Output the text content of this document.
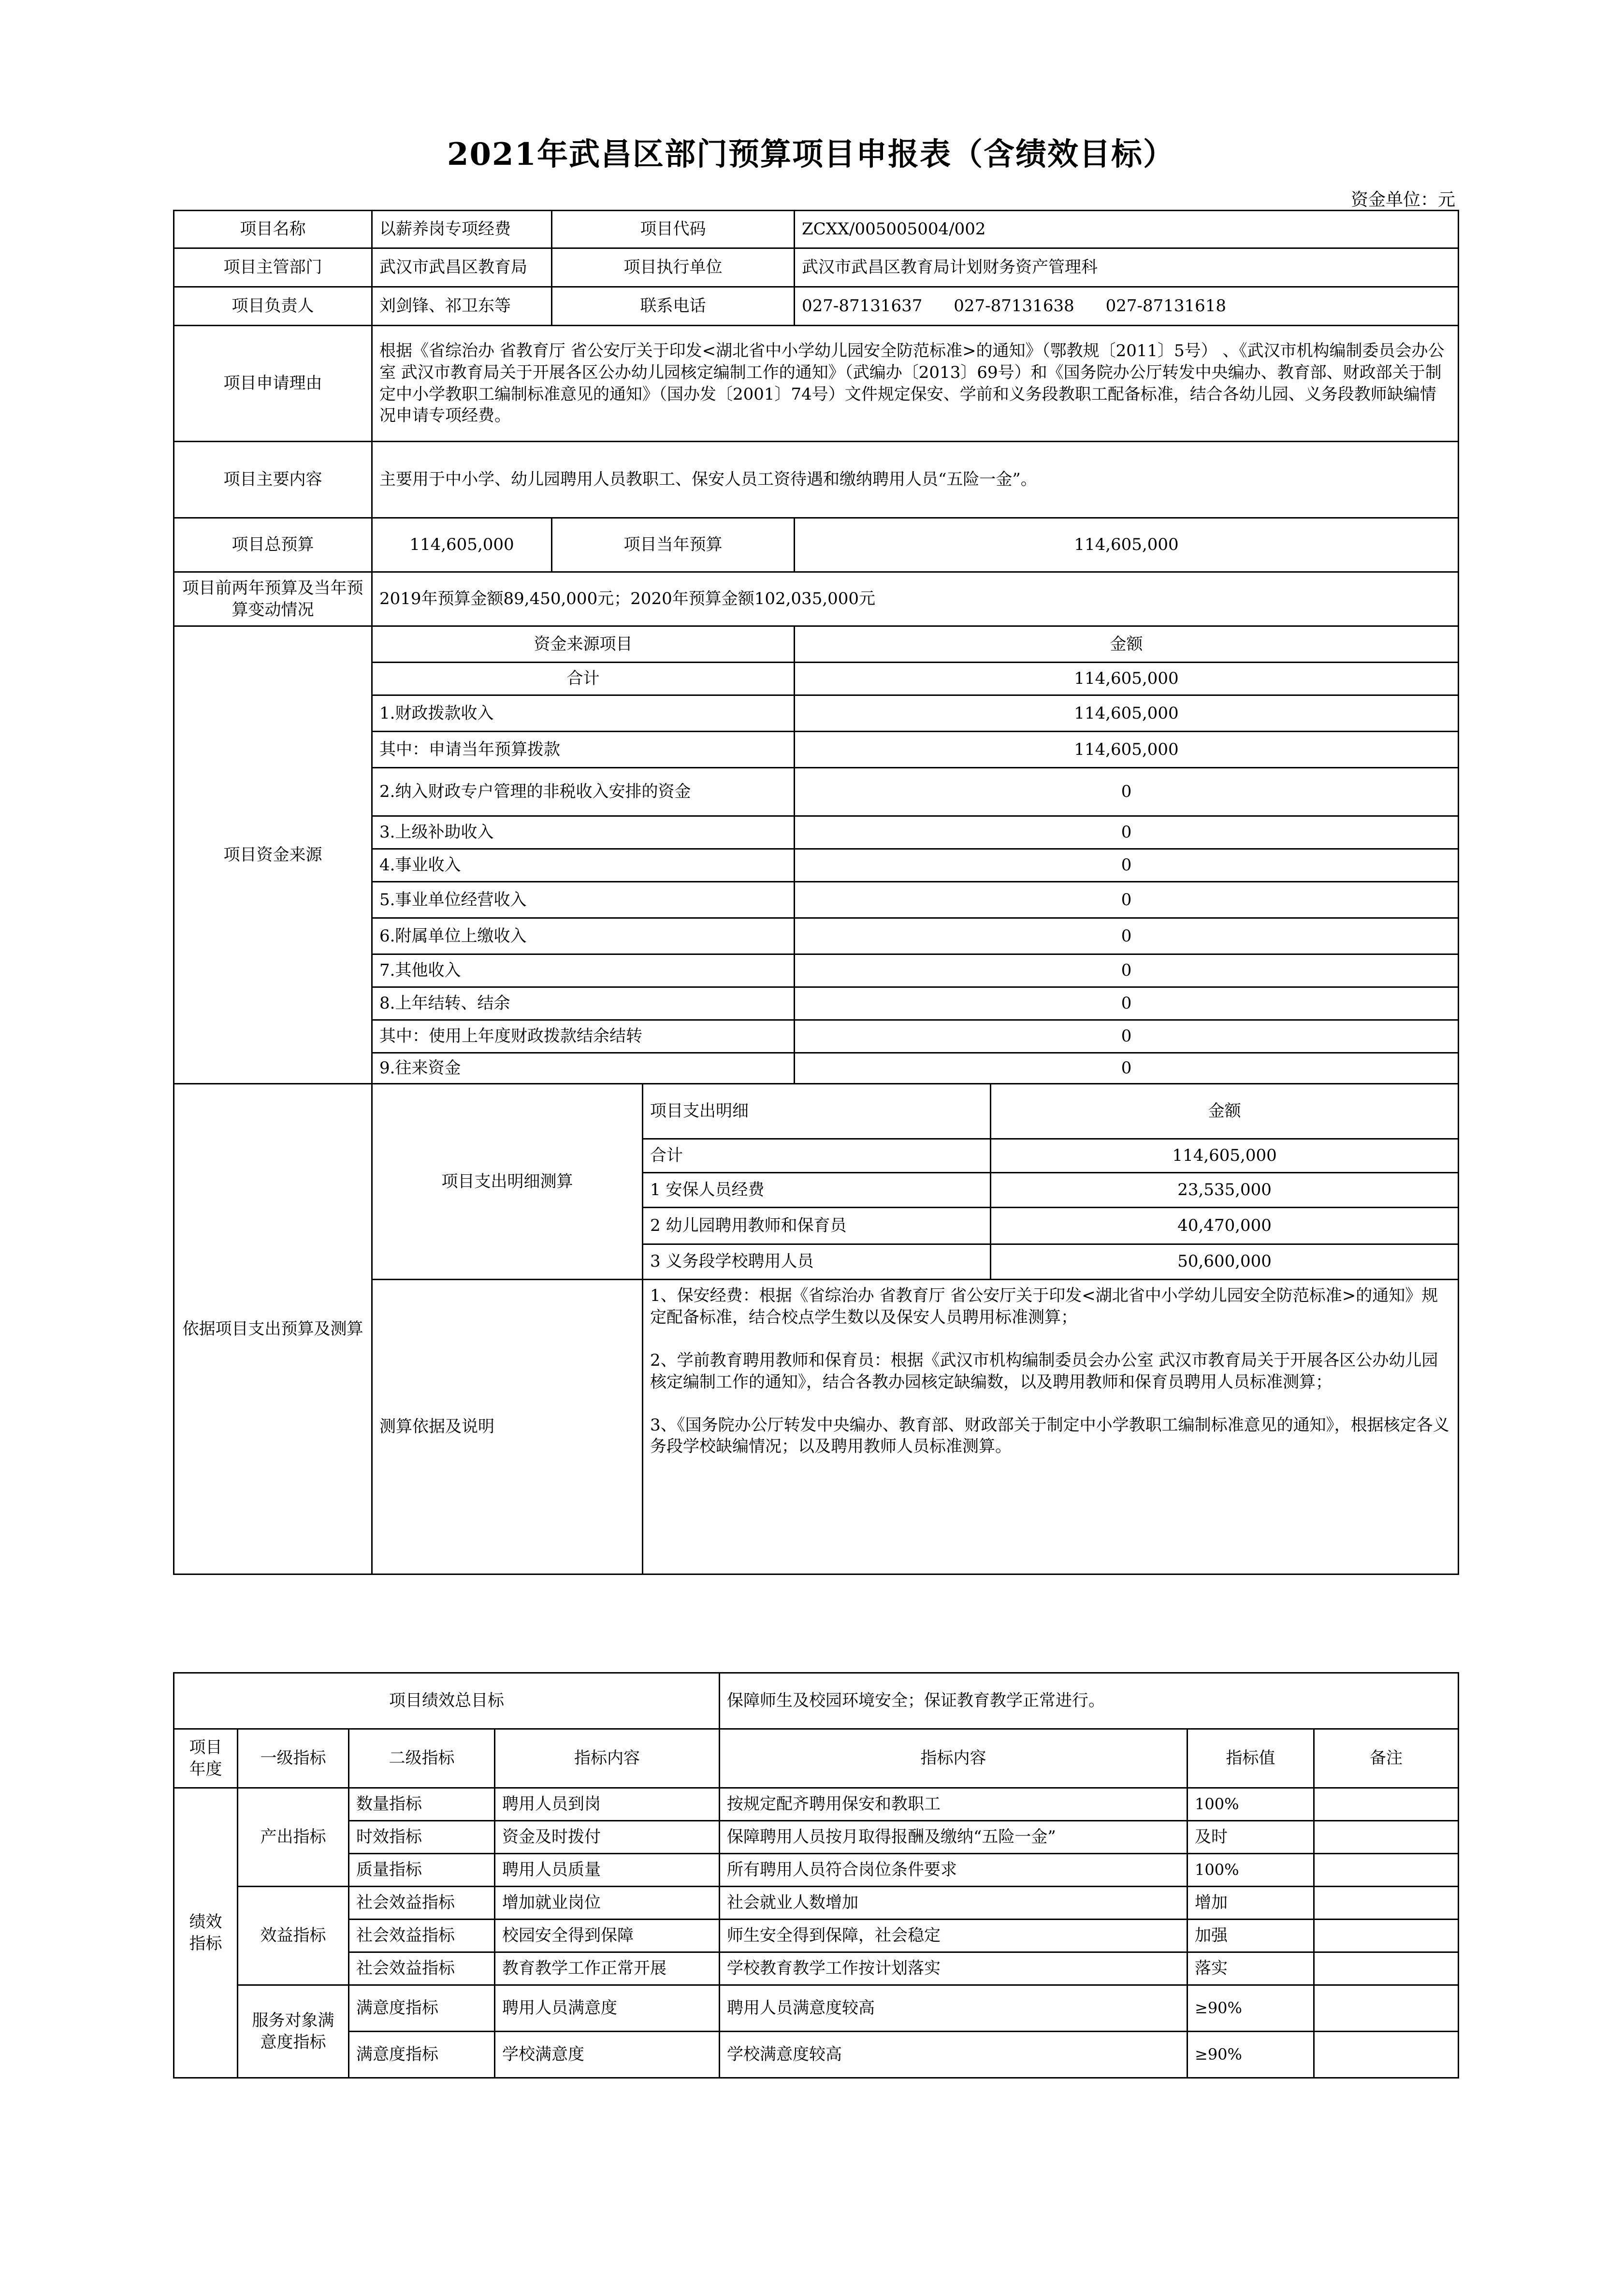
2021年武昌区部门预算项目申报表（含绩效目标）
资金单位：元
项目名称	以薪养岗专项经费	项目代码	ZCXX/005005004/002
项目主管部门	武汉市武昌区教育局	项目执行单位	武汉市武昌区教育局计划财务资产管理科
项目负责人	刘剑锋、祁卫东等	联系电话	027-87131637      027-87131638      027-87131618
项目申请理由	根据《省综治办 省教育厅 省公安厅关于印发<湖北省中小学幼儿园安全防范标准>的通知》（鄂教规〔2011〕5号） 、《武汉市机构编制委员会办公室 武汉市教育局关于开展各区公办幼儿园核定编制工作的通知》（武编办〔2013〕69号）和《国务院办公厅转发中央编办、教育部、财政部关于制定中小学教职工编制标准意见的通知》（国办发〔2001〕74号）文件规定保安、学前和义务段教职工配备标准，结合各幼儿园、义务段教师缺编情况申请专项经费。
项目主要内容	主要用于中小学、幼儿园聘用人员教职工、保安人员工资待遇和缴纳聘用人员“五险一金”。
项目总预算	114,605,000	项目当年预算	114,605,000
项目前两年预算及当年预算变动情况	2019年预算金额89,450,000元；2020年预算金额102,035,000元
项目资金来源	资金来源项目	金额
合计	114,605,000
1.财政拨款收入	114,605,000
其中：申请当年预算拨款	114,605,000
2.纳入财政专户管理的非税收入安排的资金	0
3.上级补助收入	0
4.事业收入	0
5.事业单位经营收入	0
6.附属单位上缴收入	0
7.其他收入	0
8.上年结转、结余	0
其中：使用上年度财政拨款结余结转	0
9.往来资金	0
依据项目支出预算及测算	项目支出明细测算	
项目支出明细	金额
合计	114,605,000
1 安保人员经费	23,535,000
2 幼儿园聘用教师和保育员	40,470,000
3 义务段学校聘用人员	50,600,000

测算依据及说明	
1、保安经费：根据《省综治办 省教育厅 省公安厅关于印发<湖北省中小学幼儿园安全防范标准>的通知》规定配备标准，结合校点学生数以及保安人员聘用标准测算；
2、学前教育聘用教师和保育员：根据《武汉市机构编制委员会办公室 武汉市教育局关于开展各区公办幼儿园核定编制工作的通知》，结合各教办园核定缺编数，以及聘用教师和保育员聘用人员标准测算；
3、《国务院办公厅转发中央编办、教育部、财政部关于制定中小学教职工编制标准意见的通知》，根据核定各义务段学校缺编情况；以及聘用教师人员标准测算。
项目绩效总目标				保障师生及校园环境安全；保证教育教学正常进行。		
项目年度	一级指标	二级指标	指标内容	指标内容	指标值	备注
绩效指标	产出指标	数量指标	聘用人员到岗	按规定配齐聘用保安和教职工	100%	
		时效指标	资金及时拨付	保障聘用人员按月取得报酬及缴纳“五险一金”	及时	
		质量指标	聘用人员质量	所有聘用人员符合岗位条件要求	100%	
	效益指标	社会效益指标	增加就业岗位	社会就业人数增加	增加	
		社会效益指标	校园安全得到保障	师生安全得到保障，社会稳定	加强	
		社会效益指标	教育教学工作正常开展	学校教育教学工作按计划落实	落实	
	服务对象满意度指标	满意度指标	聘用人员满意度	聘用人员满意度较高	≥90%	
		满意度指标	学校满意度	学校满意度较高	≥90%	
